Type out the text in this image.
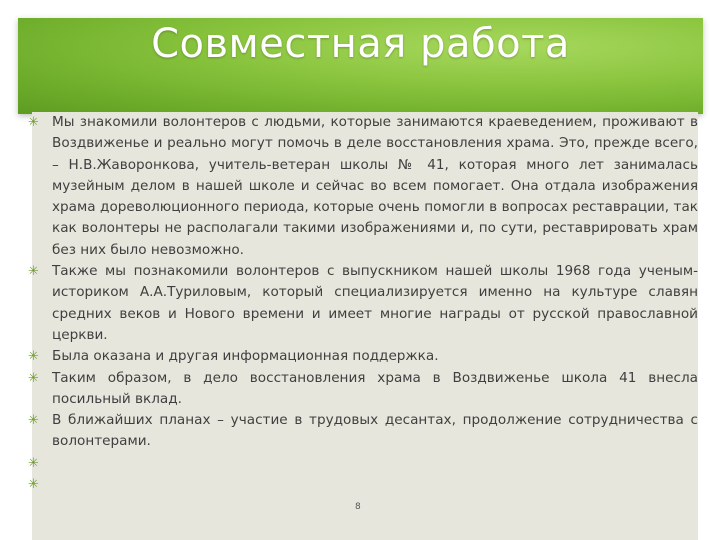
Совместная работа
✳ Мы знакомили волонтеров с людьми, которые занимаются краеведением, проживают в Воздвиженье и реально могут помочь в деле восстановления храма. Это, прежде всего, – Н.В.Жаворонкова, учитель-ветеран школы № 41, которая много лет занималась музейным делом в нашей школе и сейчас во всем помогает. Она отдала изображения храма дореволюционного периода, которые очень помогли в вопросах реставрации, так как волонтеры не располагали такими изображениями и, по сути, реставрировать храм без них было невозможно.
✳ Также мы познакомили волонтеров с выпускником нашей школы 1968 года ученым-историком А.А.Туриловым, который специализируется именно на культуре славян средних веков и Нового времени и имеет многие награды от русской православной церкви.
✳ Была оказана и другая информационная поддержка.
✳ Таким образом, в дело восстановления храма в Воздвиженье школа 41 внесла посильный вклад.
✳ В ближайших планах – участие в трудовых десантах, продолжение сотрудничества с волонтерами.
✳

✳

8
